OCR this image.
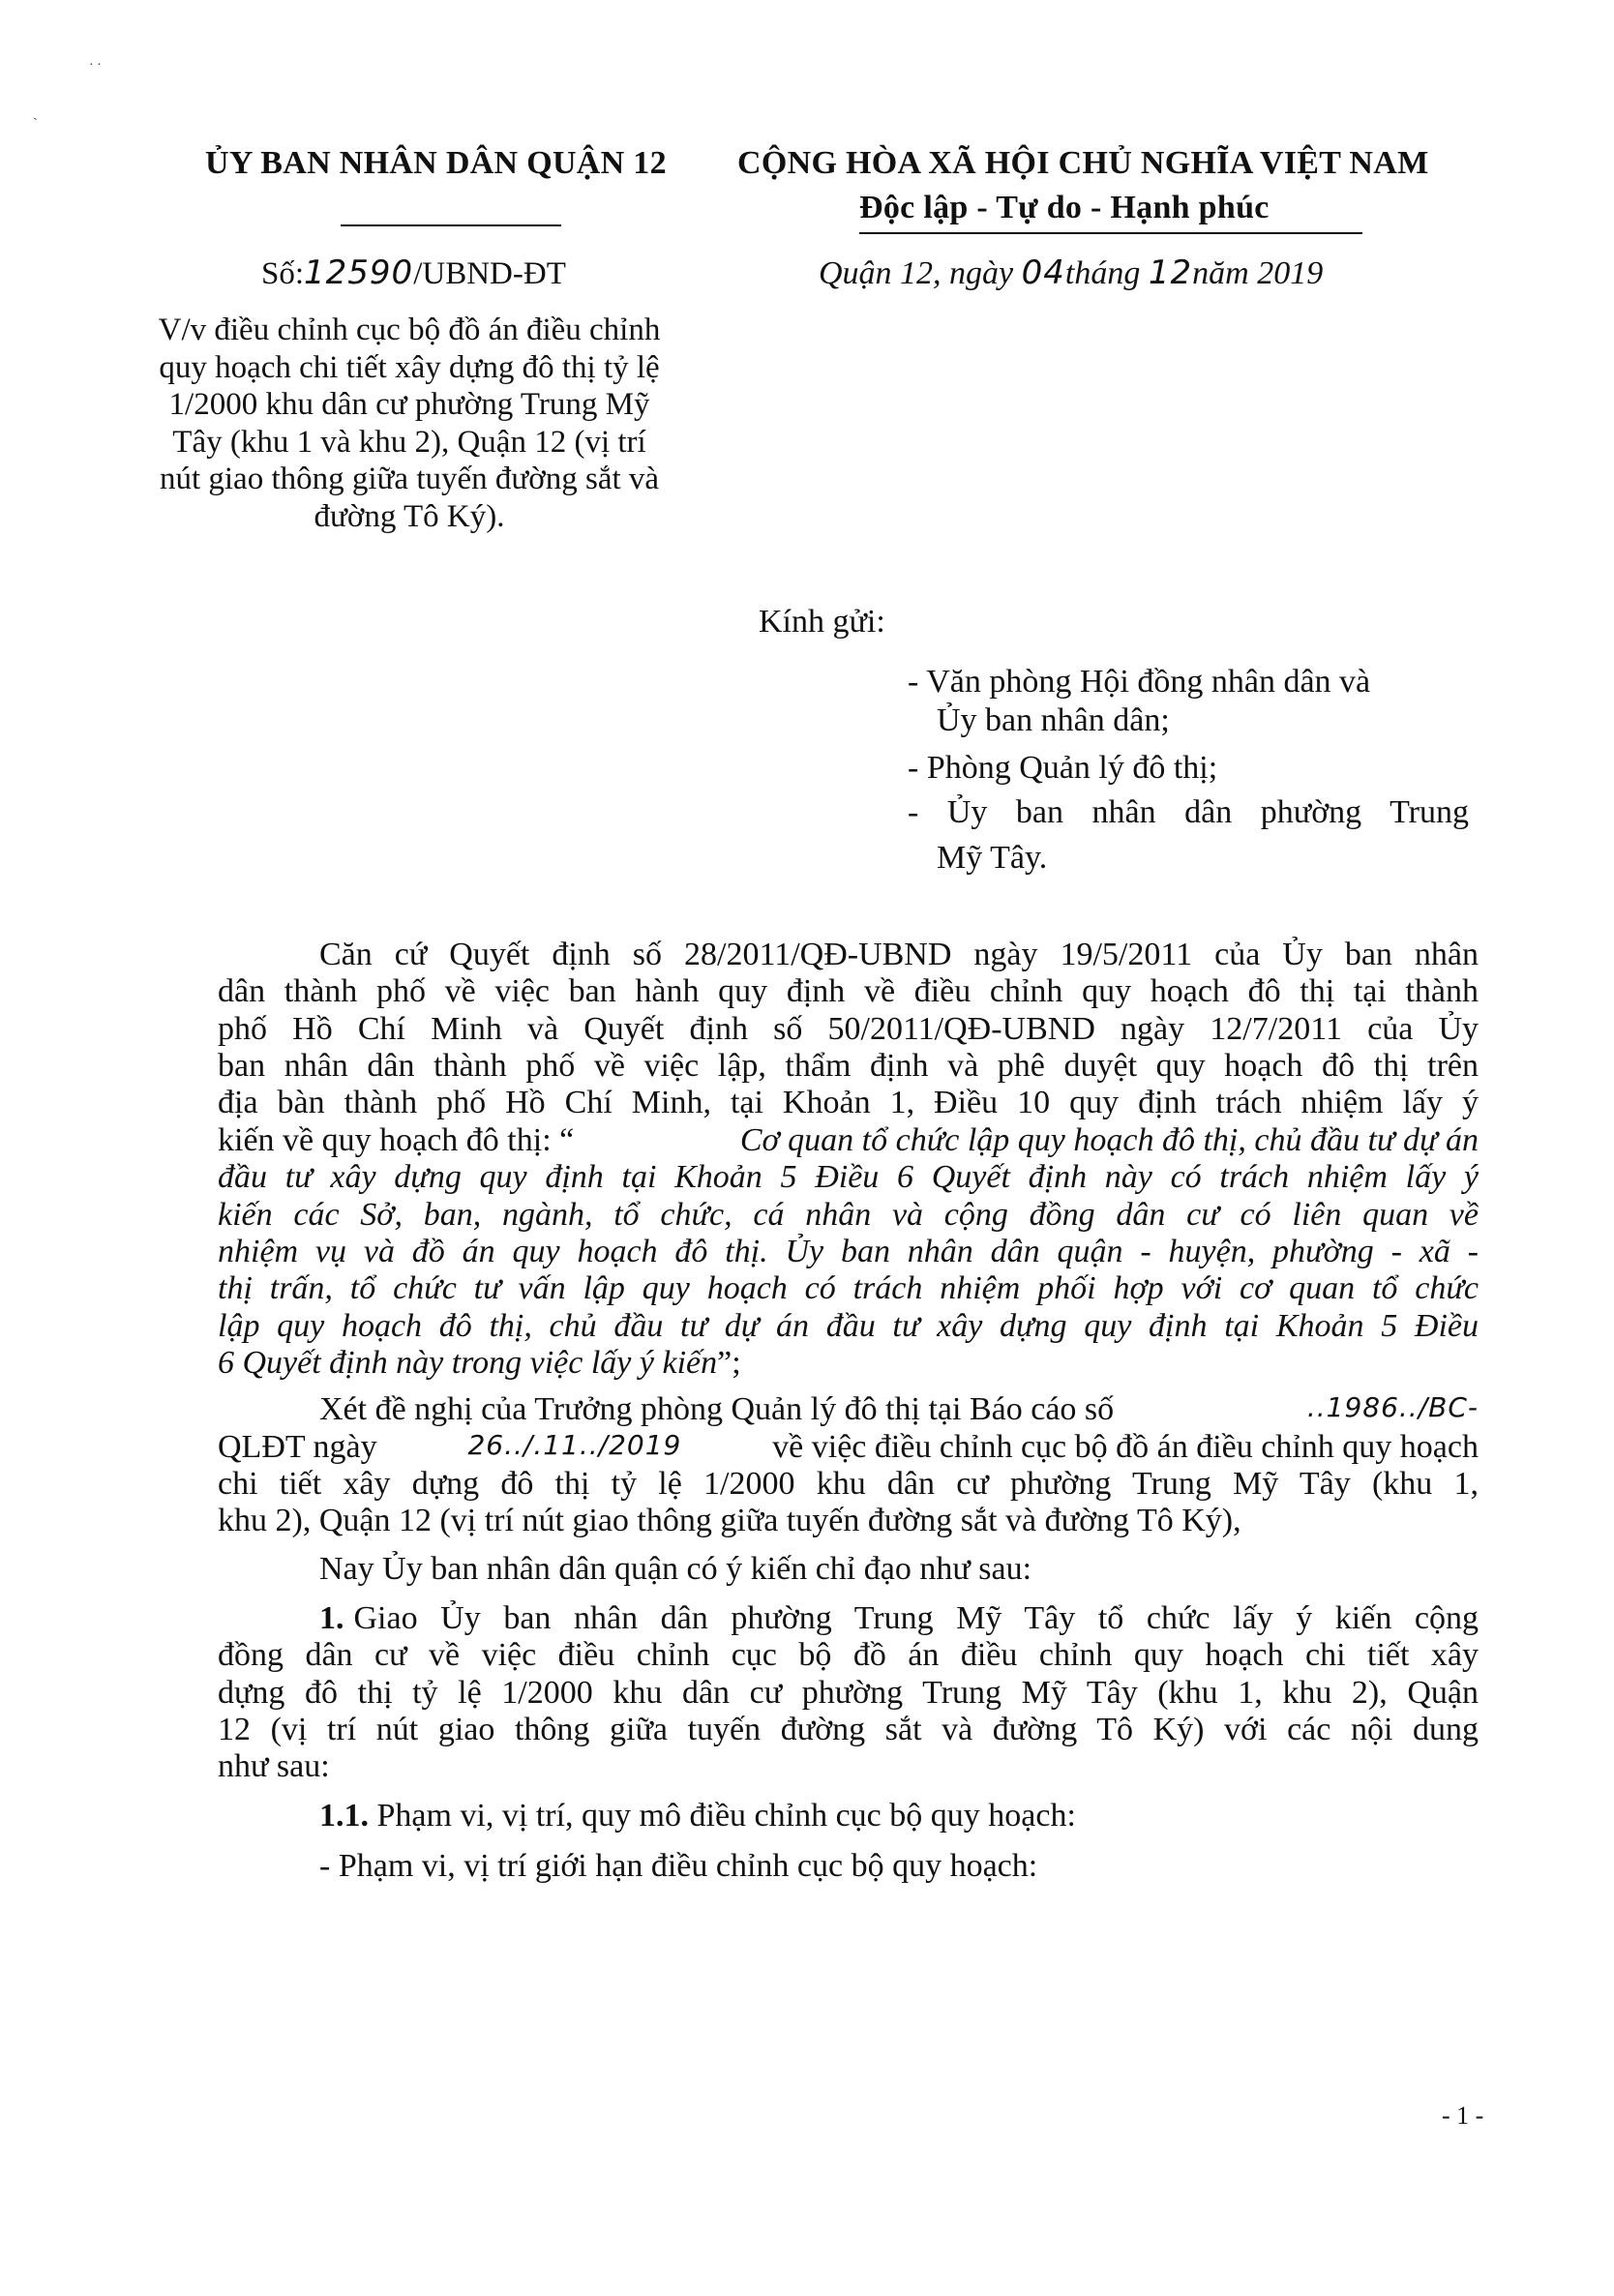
· ·
ˎ
ỦY BAN NHÂN DÂN QUẬN 12
Số:12590/UBND-ĐT
V/v điều chỉnh cục bộ đồ án điều chỉnh quy hoạch chi tiết xây dựng đô thị tỷ lệ 1/2000 khu dân cư phường Trung Mỹ Tây (khu 1 và khu 2), Quận 12 (vị trí nút giao thông giữa tuyến đường sắt và đường Tô Ký).
CỘNG HÒA XÃ HỘI CHỦ NGHĨA VIỆT NAM
Độc lập - Tự do - Hạnh phúc
Quận 12, ngày 04tháng 12năm 2019
Kính gửi:
- Văn phòng Hội đồng nhân dân và
Ủy ban nhân dân;
- Phòng Quản lý đô thị;
- Ủy ban nhân dân phường Trung
Mỹ Tây.
Căn cứ Quyết định số 28/2011/QĐ-UBND ngày 19/5/2011 của Ủy ban nhân
dân thành phố về việc ban hành quy định về điều chỉnh quy hoạch đô thị tại thành
phố Hồ Chí Minh và Quyết định số 50/2011/QĐ-UBND ngày 12/7/2011 của Ủy
ban nhân dân thành phố về việc lập, thẩm định và phê duyệt quy hoạch đô thị trên
địa bàn thành phố Hồ Chí Minh, tại Khoản 1, Điều 10 quy định trách nhiệm lấy ý
kiến về quy hoạch đô thị: “	Cơ quan tổ chức lập quy hoạch đô thị, chủ đầu tư dự án
đầu tư xây dựng quy định tại Khoản 5 Điều 6 Quyết định này có trách nhiệm lấy ý
kiến các Sở, ban, ngành, tổ chức, cá nhân và cộng đồng dân cư có liên quan về
nhiệm vụ và đồ án quy hoạch đô thị. Ủy ban nhân dân quận - huyện, phường - xã -
thị trấn, tổ chức tư vấn lập quy hoạch có trách nhiệm phối hợp với cơ quan tổ chức
lập quy hoạch đô thị, chủ đầu tư dự án đầu tư xây dựng quy định tại Khoản 5 Điều
6 Quyết định này trong việc lấy ý kiến”;
Xét đề nghị của Trưởng phòng Quản lý đô thị tại Báo cáo số	..1986../BC-
QLĐT ngày	26../.11../2019	về việc điều chỉnh cục bộ đồ án điều chỉnh quy hoạch
chi tiết xây dựng đô thị tỷ lệ 1/2000 khu dân cư phường Trung Mỹ Tây (khu 1,
khu 2), Quận 12 (vị trí nút giao thông giữa tuyến đường sắt và đường Tô Ký),
Nay Ủy ban nhân dân quận có ý kiến chỉ đạo như sau:
1. Giao Ủy ban nhân dân phường Trung Mỹ Tây tổ chức lấy ý kiến cộng
đồng dân cư về việc điều chỉnh cục bộ đồ án điều chỉnh quy hoạch chi tiết xây
dựng đô thị tỷ lệ 1/2000 khu dân cư phường Trung Mỹ Tây (khu 1, khu 2), Quận
12 (vị trí nút giao thông giữa tuyến đường sắt và đường Tô Ký) với các nội dung
như sau:
1.1. Phạm vi, vị trí, quy mô điều chỉnh cục bộ quy hoạch:
- Phạm vi, vị trí giới hạn điều chỉnh cục bộ quy hoạch:
- 1 -
